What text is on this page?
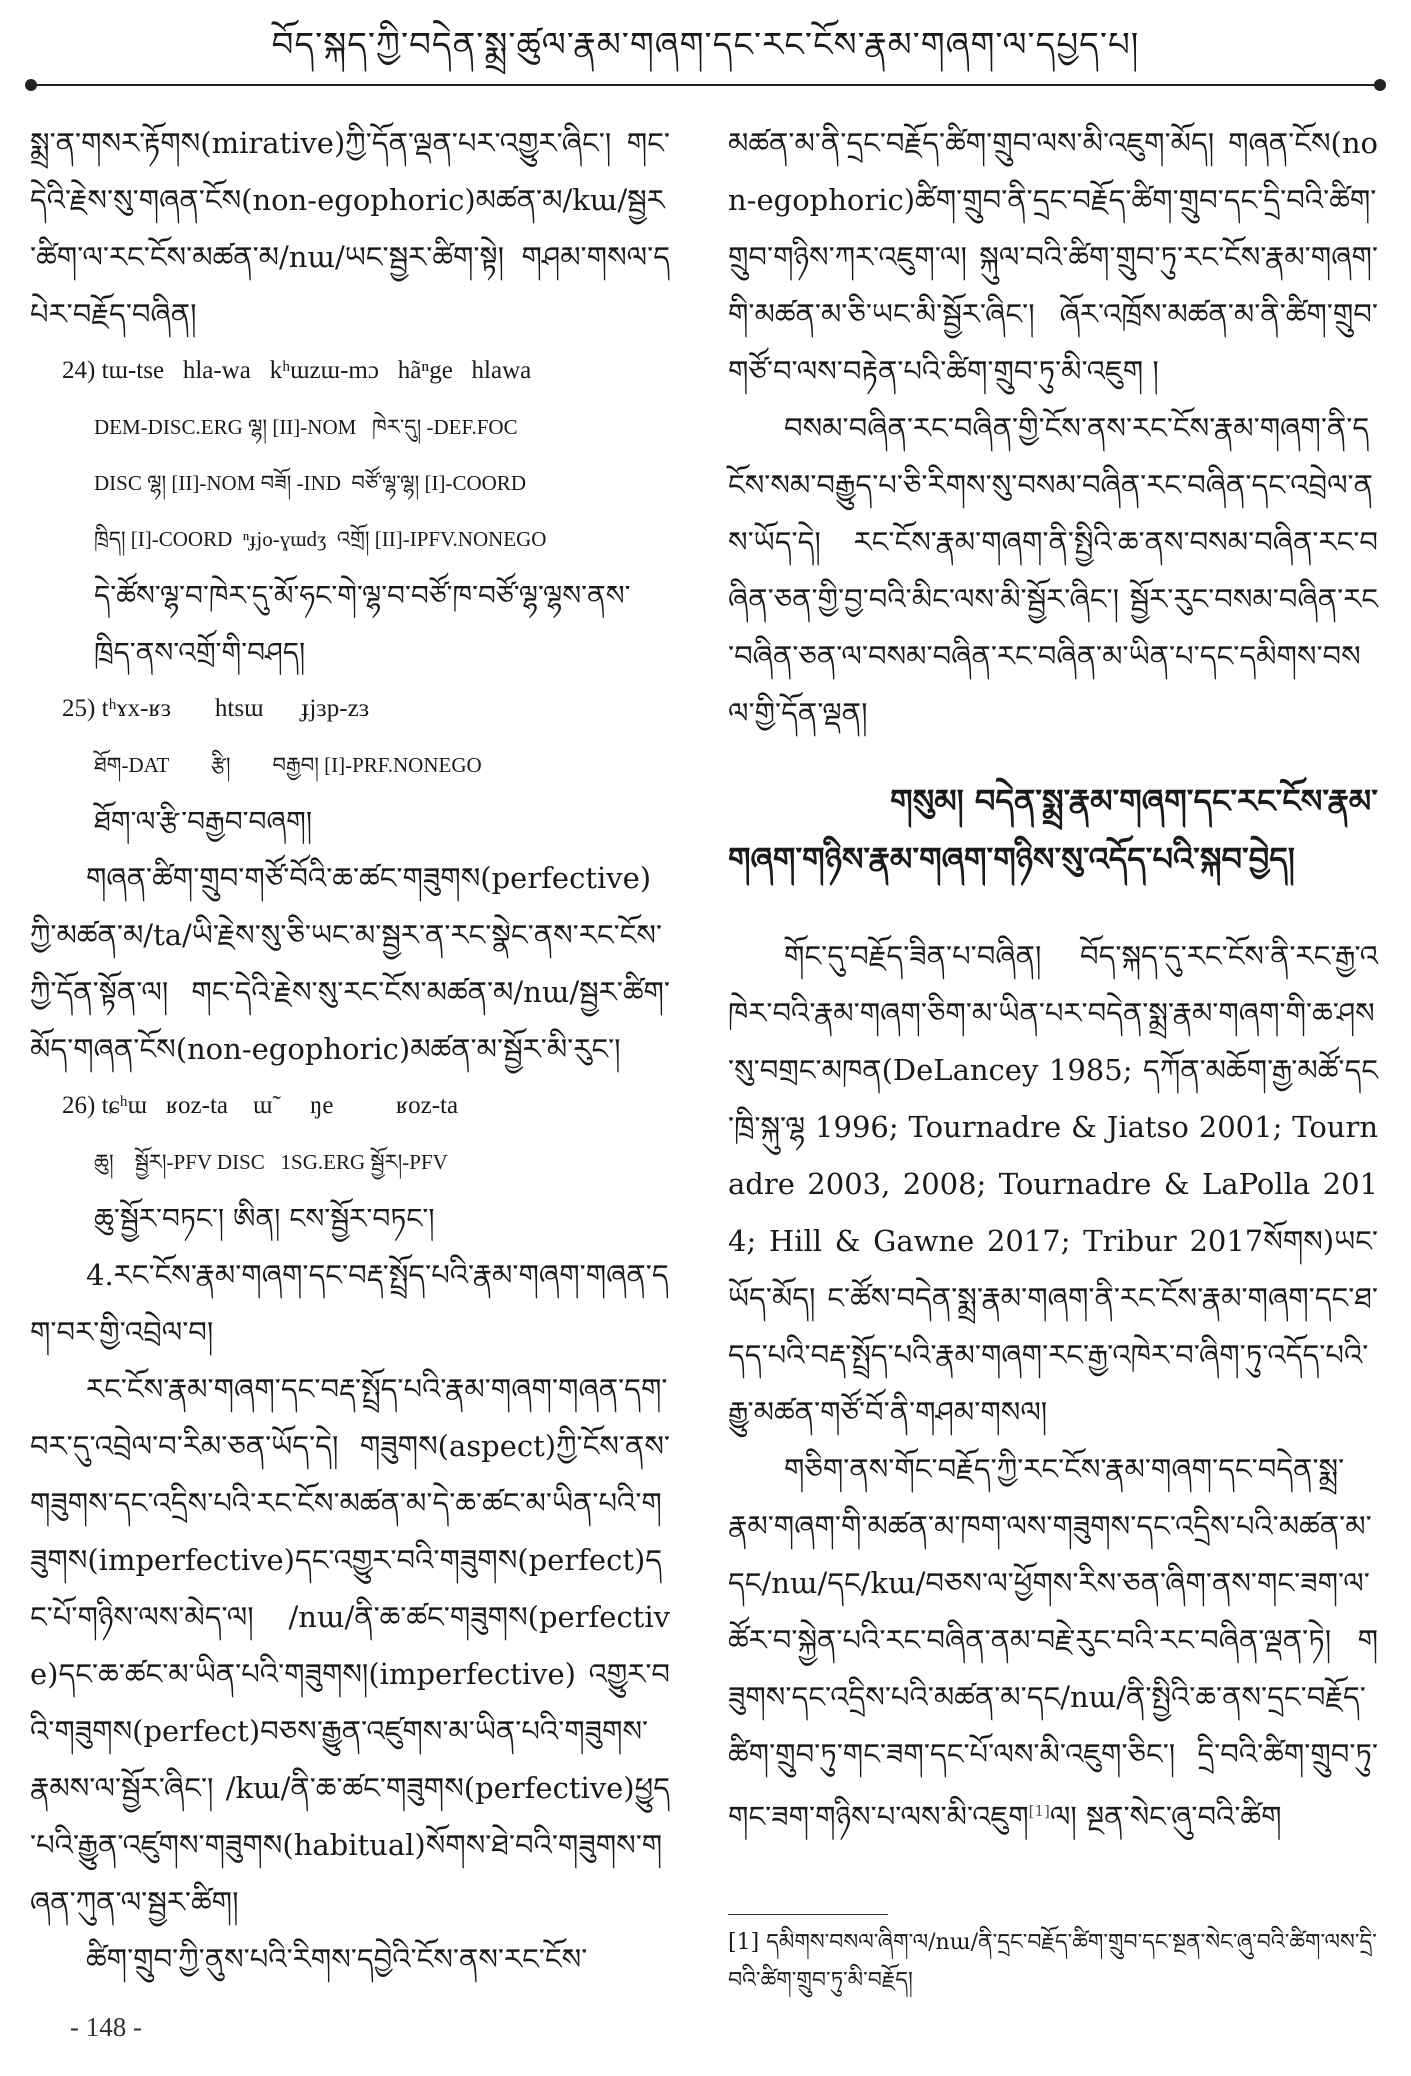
བོད་སྐད་ཀྱི་བདེན་སྨྲ་ཚུལ་རྣམ་གཞག་དང་རང་ངོས་རྣམ་གཞག་ལ་དཔྱད་པ།

སྨྲ་ན་གསར་རྟོགས(mirative)ཀྱི་དོན་ལྡན་པར་འགྱུར་ཞིང་། གང་དེའི་རྗེས་སུ་གཞན་ངོས(non-egophoric)མཚན་མ/kɯ/སྦྱར་ཚིག་ལ་རང་ངོས་མཚན་མ/nɯ/ཡང་སྦྱར་ཚིག་སྟེ། གཤམ་གསལ་དཔེར་བརྗོད་བཞིན།

24) tɯ-tse   hla-wa   kʰɯzɯ-mɔ   hãⁿge   hlawa

DEM-DISC.ERG ལྷ། [II]-NOM   ཁེར་དུ། -DEF.FOC

DISC ལྷ། [II]-NOM བཟོ། -IND  བཙོ་ལྷ་ལྷ། [I]-COORD

ཁྲིད། [I]-COORD  ⁿɟjo-ɣɯdʒ  འགྲོ། [II]-IPFV.NONEGO

དེ་ཚོས་ལྷ་བ་ཁེར་དུ་མོ་ཧང་གེ་ལྷ་བ་བཙོ་ཁ་བཙོ་ལྷ་ལྷས་ནས་

ཁྲིད་ནས་འགྲོ་གི་བཤད།

25) tʰɤx-ʁɜ       htsɯ      ɟjɜp-zɜ

ཐོག-DAT        རྩི།        བརྒྱབ། [I]-PRF.NONEGO

ཐོག་ལ་རྩི་བརྒྱབ་བཞག།

གཞན་ཚིག་གྲུབ་གཙོ་བོའི་ཆ་ཚང་གཟུགས(perfective)ཀྱི་མཚན་མ/ta/ཡི་རྗེས་སུ་ཅི་ཡང་མ་སྦྱར་ན་རང་སྣེང་ནས་རང་ངོས་ཀྱི་དོན་སྟོན་ལ། གང་དེའི་རྗེས་སུ་རང་ངོས་མཚན་མ/nɯ/སྦྱར་ཚིག་མོད་གཞན་ངོས(non-egophoric)མཚན་མ་སྦྱོར་མི་རུང་།

26) tɕʰɯ   ʁoz-ta    ɯ̃      ŋe          ʁoz-ta

ཆུ།    སྦྱོར།-PFV DISC   1SG.ERG སྦྱོར།-PFV

ཆུ་སྦྱོར་བཏང་། ཨིན། ངས་སྦྱོར་བཏང་།

4.རང་ངོས་རྣམ་གཞག་དང་བརྡ་སྤྲོད་པའི་རྣམ་གཞག་གཞན་དག་བར་གྱི་འབྲེལ་བ།

རང་ངོས་རྣམ་གཞག་དང་བརྡ་སྤྲོད་པའི་རྣམ་གཞག་གཞན་དག་བར་དུ་འབྲེལ་བ་རིམ་ཅན་ཡོད་དེ། གཟུགས(aspect)ཀྱི་ངོས་ནས་གཟུགས་དང་འདྲིས་པའི་རང་ངོས་མཚན་མ་དེ་ཆ་ཚང་མ་ཡིན་པའི་གཟུགས(imperfective)དང་འགྱུར་བའི་གཟུགས(perfect)དང་པོ་གཉིས་ལས་མེད་ལ། /nɯ/ནི་ཆ་ཚང་གཟུགས(perfective)དང་ཆ་ཚང་མ་ཡིན་པའི་གཟུགས།(imperfective) འགྱུར་བའི་གཟུགས(perfect)བཅས་རྒྱུན་འཛུགས་མ་ཡིན་པའི་གཟུགས་རྣམས་ལ་སྦྱོར་ཞིང་། /kɯ/ནི་ཆ་ཚང་གཟུགས(perfective)ཕྱུད་པའི་རྒྱུན་འཛུགས་གཟུགས(habitual)སོགས་ཐེ་བའི་གཟུགས་གཞན་ཀུན་ལ་སྦྱར་ཚིག།

ཚིག་གྲུབ་ཀྱི་ནུས་པའི་རིགས་དབྱེའི་ངོས་ནས་རང་ངོས་

མཚན་མ་ནི་དྲང་བརྗོད་ཚིག་གྲུབ་ལས་མི་འཇུག་མོད། གཞན་ངོས(non-egophoric)ཚིག་གྲུབ་ནི་དྲང་བརྗོད་ཚིག་གྲུབ་དང་དྲི་བའི་ཚིག་གྲུབ་གཉིས་ཀར་འཇུག་ལ། སྐུལ་བའི་ཚིག་གྲུབ་ཏུ་རང་ངོས་རྣམ་གཞག་གི་མཚན་མ་ཅི་ཡང་མི་སྦྱོར་ཞིང་། ཞོར་འཁྲོས་མཚན་མ་ནི་ཚིག་གྲུབ་གཙོ་བ་ལས་བརྟེན་པའི་ཚིག་གྲུབ་ཏུ་མི་འཇུག །

བསམ་བཞིན་རང་བཞིན་གྱི་ངོས་ནས་རང་ངོས་རྣམ་གཞག་ནི་དངོས་སམ་བརྒྱུད་པ་ཅི་རིགས་སུ་བསམ་བཞིན་རང་བཞིན་དང་འབྲེལ་ནས་ཡོད་དེ། རང་ངོས་རྣམ་གཞག་ནི་སྤྱིའི་ཆ་ནས་བསམ་བཞིན་རང་བཞིན་ཅན་གྱི་བྱ་བའི་མིང་ལས་མི་སྦྱོར་ཞིང་། སྦྱོར་རུང་བསམ་བཞིན་རང་བཞིན་ཅན་ལ་བསམ་བཞིན་རང་བཞིན་མ་ཡིན་པ་དང་དམིགས་བསལ་གྱི་དོན་ལྡན།

གསུམ། བདེན་སྨྲ་རྣམ་གཞག་དང་རང་ངོས་རྣམ་

གཞག་གཉིས་རྣམ་གཞག་གཉིས་སུ་འདོད་པའི་སྐབ་བྱེད།

གོང་དུ་བརྗོད་ཟིན་པ་བཞིན། བོད་སྐད་དུ་རང་ངོས་ནི་རང་རྒྱ་འཁེར་བའི་རྣམ་གཞག་ཅིག་མ་ཡིན་པར་བདེན་སྨྲ་རྣམ་གཞག་གི་ཆ་ཤས་སུ་བགྲང་མཁན(DeLancey 1985; དཀོན་མཆོག་རྒྱ་མཚོ་དང་ཁྲི་སྐུ་ལྷ 1996; Tournadre & Jiatso 2001; Tournadre 2003, 2008; Tournadre & LaPolla 2014; Hill & Gawne 2017; Tribur 2017སོགས)ཡང་ཡོད་མོད། ང་ཚོས་བདེན་སྨྲ་རྣམ་གཞག་ནི་རང་ངོས་རྣམ་གཞག་དང་ཐ་དད་པའི་བརྡ་སྤྲོད་པའི་རྣམ་གཞག་རང་རྒྱ་འཁེར་བ་ཞིག་ཏུ་འདོད་པའི་རྒྱུ་མཚན་གཙོ་བོ་ནི་གཤམ་གསལ།

གཅིག་ནས་གོང་བརྗོད་ཀྱི་རང་ངོས་རྣམ་གཞག་དང་བདེན་སྨྲ་རྣམ་གཞག་གི་མཚན་མ་ཁག་ལས་གཟུགས་དང་འདྲིས་པའི་མཚན་མ་དང/nɯ/དང/kɯ/བཅས་ལ་ཕྱོགས་རིས་ཅན་ཞིག་ནས་གང་ཟག་ལ་ཚོར་བ་སྐྱེན་པའི་རང་བཞིན་ནམ་བརྗེ་རུང་བའི་རང་བཞིན་ལྡན་ཏེ། གཟུགས་དང་འདྲིས་པའི་མཚན་མ་དང/nɯ/ནི་སྤྱིའི་ཆ་ནས་དྲང་བརྗོད་ཚིག་གྲུབ་ཏུ་གང་ཟག་དང་པོ་ལས་མི་འཇུག་ཅིང་། དྲི་བའི་ཚིག་གྲུབ་ཏུ་གང་ཟག་གཉིས་པ་ལས་མི་འཇུག[1]ལ། སྔན་སེང་ཞུ་བའི་ཚིག

[1] དམིགས་བསལ་ཞིག་ལ/nɯ/ནི་དྲང་བརྗོད་ཚིག་གྲུབ་དང་སྔན་སེང་ཞུ་བའི་ཚིག་ལས་དྲི་བའི་ཚིག་གྲུབ་ཏུ་མི་བརྗོད།

- 148 -
